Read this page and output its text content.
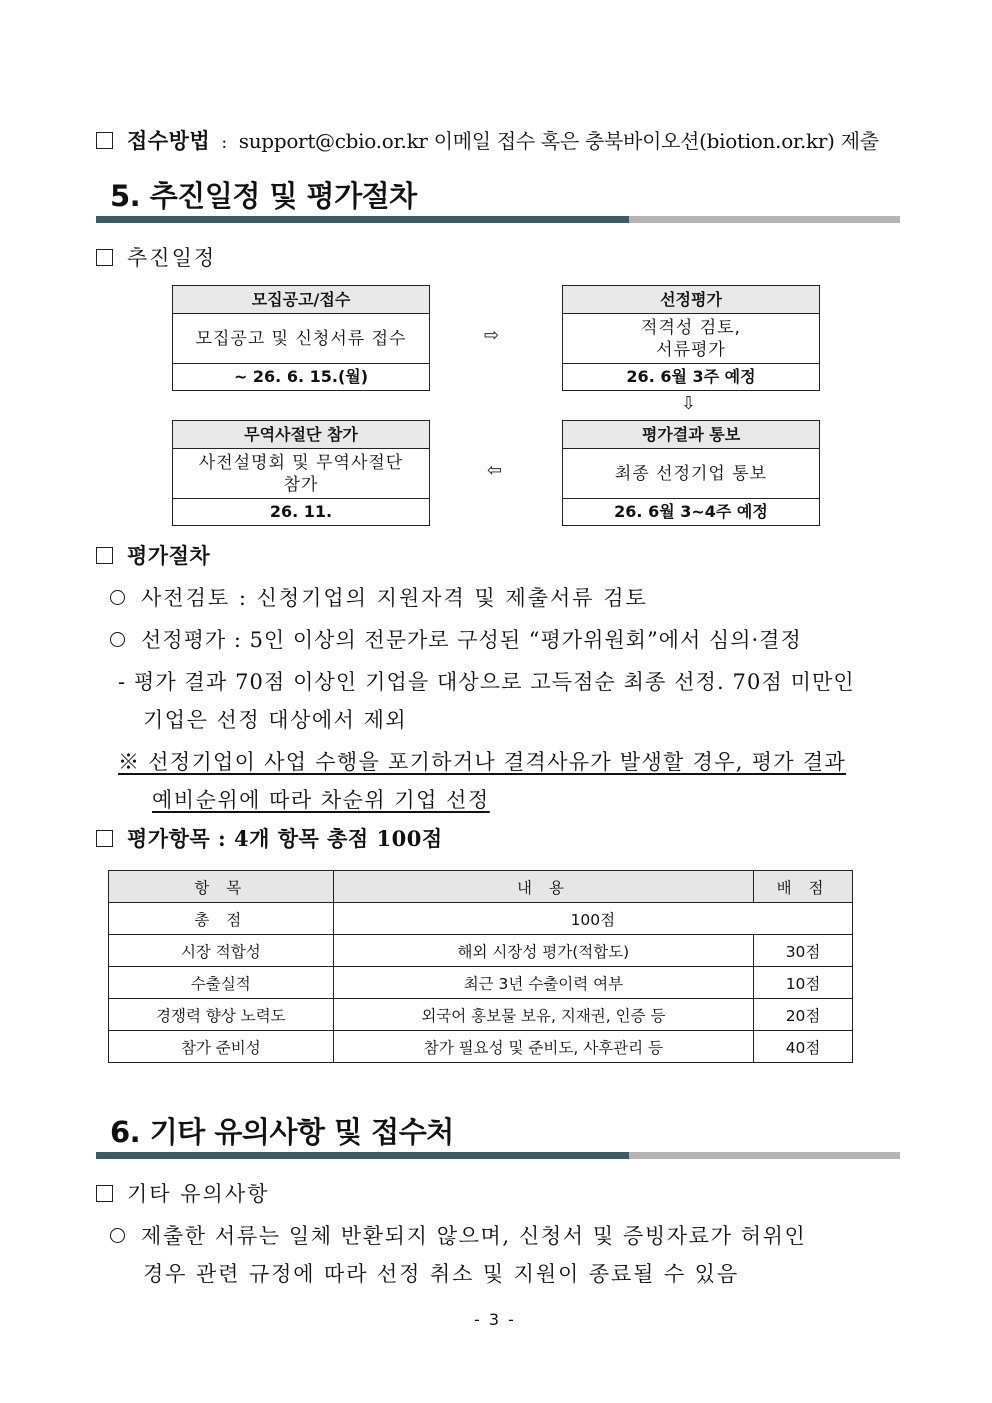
접수방법 : support@cbio.or.kr 이메일 접수 혹은 충북바이오션(biotion.or.kr) 제출
5. 추진일정 및 평가절차
추진일정
모집공고/접수
모집공고 및 신청서류 접수
~ 26. 6. 15.(월)
⇨
선정평가
적격성 검토,
서류평가
26. 6월 3주 예정
⇩
무역사절단 참가
사전설명회 및 무역사절단
참가
26. 11.
⇦
평가결과 통보
최종 선정기업 통보
26. 6월 3~4주 예정
평가절차
사전검토 : 신청기업의 지원자격 및 제출서류 검토
선정평가 : 5인 이상의 전문가로 구성된 “평가위원회”에서 심의·결정
- 평가 결과 70점 이상인 기업을 대상으로 고득점순 최종 선정. 70점 미만인
기업은 선정 대상에서 제외
※ 선정기업이 사업 수행을 포기하거나 결격사유가 발생할 경우, 평가 결과
예비순위에 따라 차순위 기업 선정
평가항목 : 4개 항목 총점 100점
항 목	내 용	배 점
총 점	100점	
시장 적합성	해외 시장성 평가(적합도)	30점
수출실적	최근 3년 수출이력 여부	10점
경쟁력 향상 노력도	외국어 홍보물 보유, 지재권, 인증 등	20점
참가 준비성	참가 필요성 및 준비도, 사후관리 등	40점
6. 기타 유의사항 및 접수처
기타 유의사항
제출한 서류는 일체 반환되지 않으며, 신청서 및 증빙자료가 허위인
경우 관련 규정에 따라 선정 취소 및 지원이 종료될 수 있음
- 3 -
